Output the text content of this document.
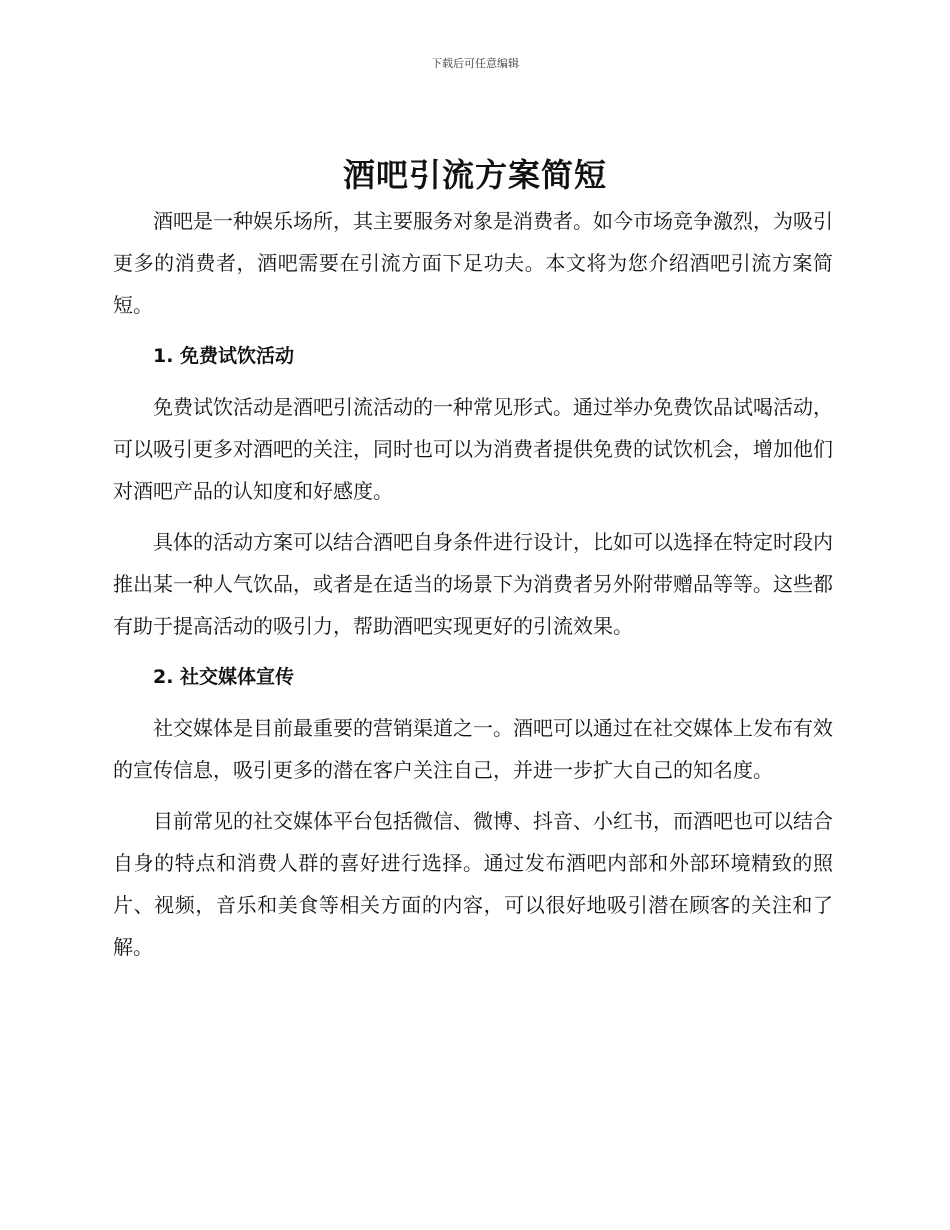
下载后可任意编辑
酒吧引流方案简短

酒吧是一种娱乐场所，其主要服务对象是消费者。如今市场竞争激烈，为吸引更多的消费者，酒吧需要在引流方面下足功夫。本文将为您介绍酒吧引流方案简短。

1. 免费试饮活动

免费试饮活动是酒吧引流活动的一种常见形式。通过举办免费饮品试喝活动，可以吸引更多对酒吧的关注，同时也可以为消费者提供免费的试饮机会，增加他们对酒吧产品的认知度和好感度。

具体的活动方案可以结合酒吧自身条件进行设计，比如可以选择在特定时段内推出某一种人气饮品，或者是在适当的场景下为消费者另外附带赠品等等。这些都有助于提高活动的吸引力，帮助酒吧实现更好的引流效果。

2. 社交媒体宣传

社交媒体是目前最重要的营销渠道之一。酒吧可以通过在社交媒体上发布有效的宣传信息，吸引更多的潜在客户关注自己，并进一步扩大自己的知名度。

目前常见的社交媒体平台包括微信、微博、抖音、小红书，而酒吧也可以结合自身的特点和消费人群的喜好进行选择。通过发布酒吧内部和外部环境精致的照片、视频，音乐和美食等相关方面的内容，可以很好地吸引潜在顾客的关注和了解。
